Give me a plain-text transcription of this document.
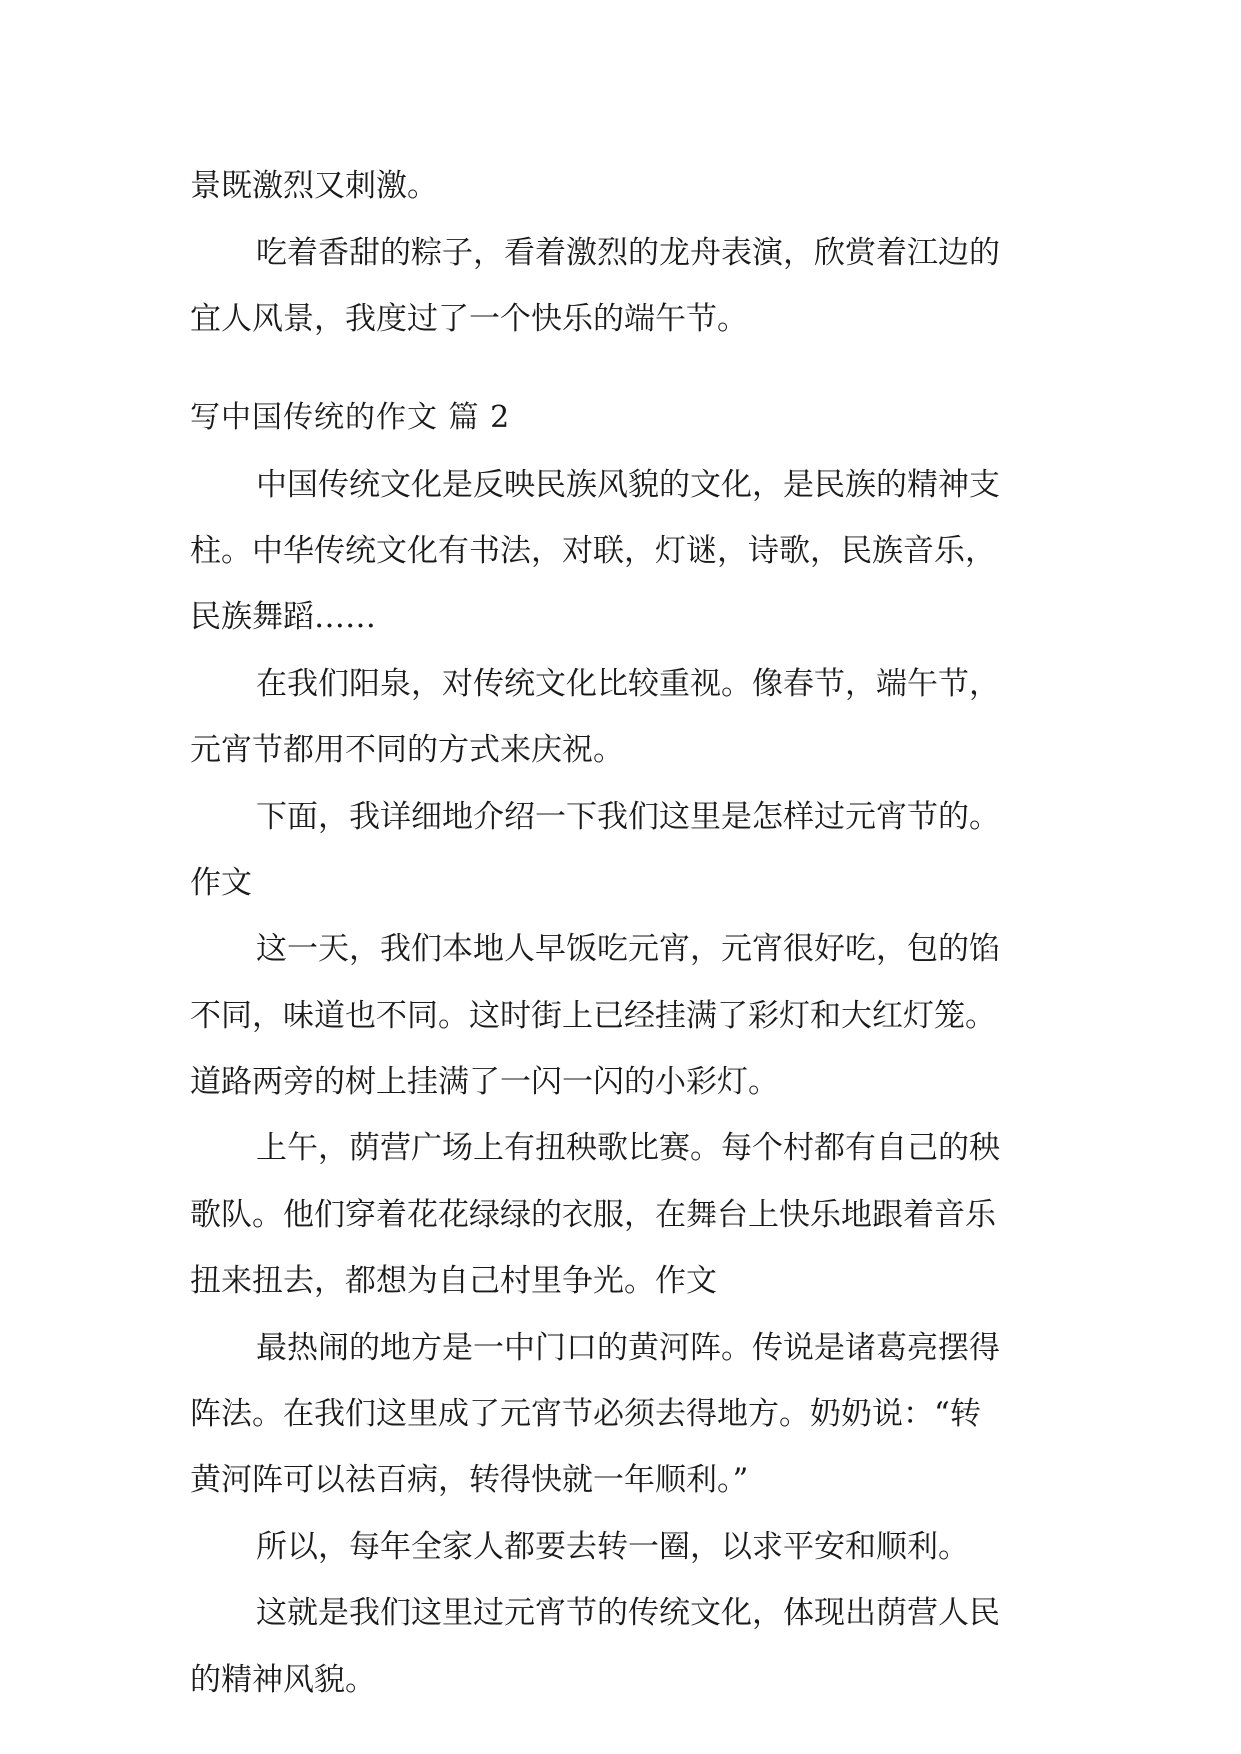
景既激烈又刺激。
吃着香甜的粽子，看着激烈的龙舟表演，欣赏着江边的
宜人风景，我度过了一个快乐的端午节。
写中国传统的作文 篇 2
中国传统文化是反映民族风貌的文化，是民族的精神支
柱。中华传统文化有书法，对联，灯谜，诗歌，民族音乐，
民族舞蹈……
在我们阳泉，对传统文化比较重视。像春节，端午节，
元宵节都用不同的方式来庆祝。
下面，我详细地介绍一下我们这里是怎样过元宵节的。
作文
这一天，我们本地人早饭吃元宵，元宵很好吃，包的馅
不同，味道也不同。这时街上已经挂满了彩灯和大红灯笼。
道路两旁的树上挂满了一闪一闪的小彩灯。
上午，荫营广场上有扭秧歌比赛。每个村都有自己的秧
歌队。他们穿着花花绿绿的衣服，在舞台上快乐地跟着音乐
扭来扭去，都想为自己村里争光。作文
最热闹的地方是一中门口的黄河阵。传说是诸葛亮摆得
阵法。在我们这里成了元宵节必须去得地方。奶奶说：“转
黄河阵可以祛百病，转得快就一年顺利。”
所以，每年全家人都要去转一圈，以求平安和顺利。
这就是我们这里过元宵节的传统文化，体现出荫营人民
的精神风貌。
